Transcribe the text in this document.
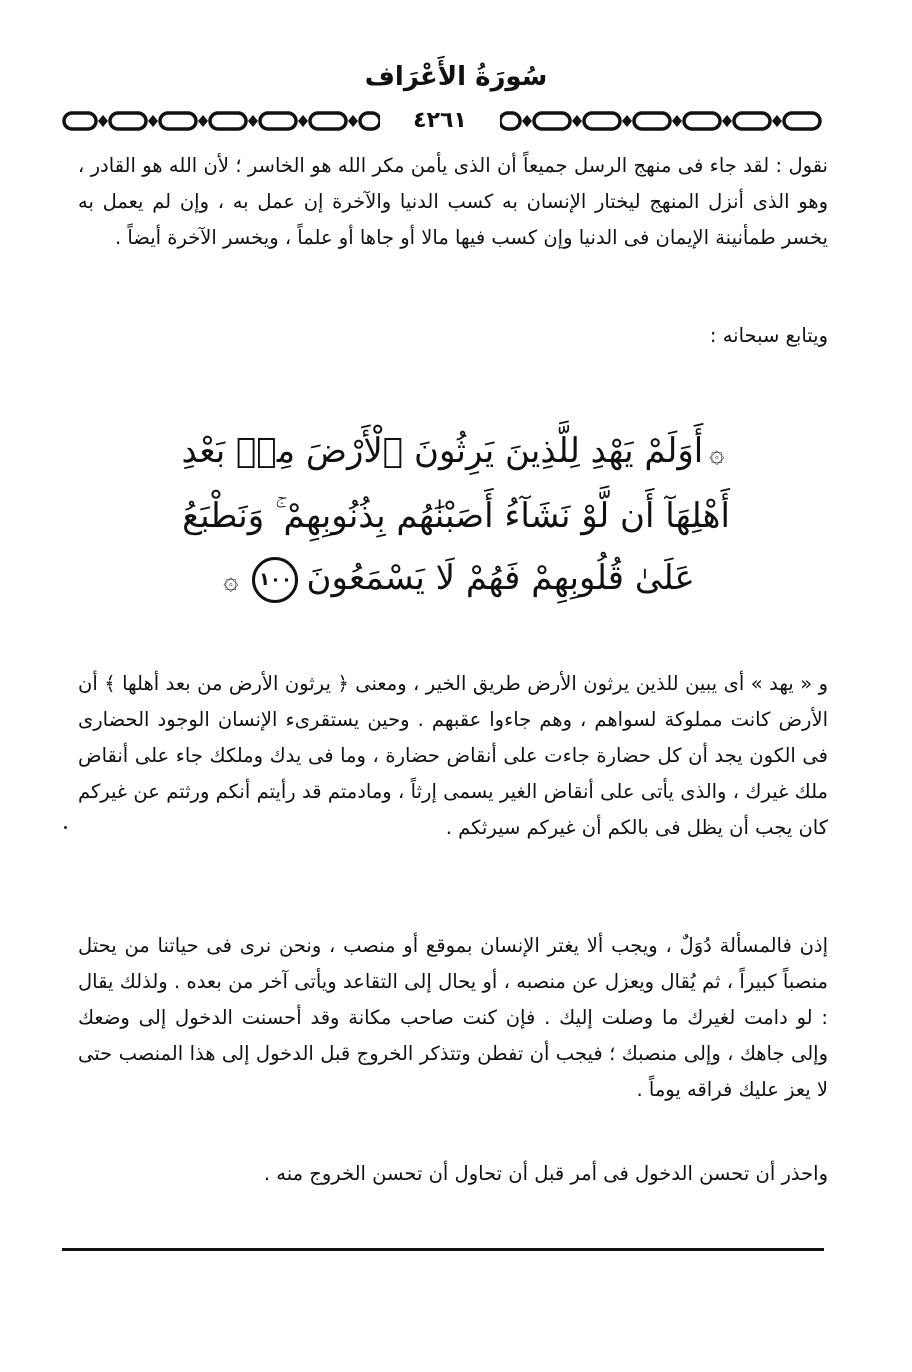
سُورَةُ الأَعْرَاف
٤٢٦١
نقول : لقد جاء فى منهج الرسل جميعاً أن الذى يأمن مكر الله هو الخاسر ؛ لأن الله هو القادر ، وهو الذى أنزل المنهج ليختار الإنسان به كسب الدنيا والآخرة إن عمل به ، وإن لم يعمل به يخسر طمأنينة الإيمان فى الدنيا وإن كسب فيها مالا أو جاها أو علماً ، ويخسر الآخرة أيضاً .
ويتابع سبحانه :
۞أَوَلَمْ يَهْدِ لِلَّذِينَ يَرِثُونَ ٱلْأَرْضَ مِنۢ بَعْدِ
أَهْلِهَآ أَن لَّوْ نَشَآءُ أَصَبْنَٰهُم بِذُنُوبِهِمْ ۚ وَنَطْبَعُ
عَلَىٰ قُلُوبِهِمْ فَهُمْ لَا يَسْمَعُونَ١٠٠۞
و « يهد » أى يبين للذين يرثون الأرض طريق الخير ، ومعنى ﴿ يرثون الأرض من بعد أهلها ﴾ أن الأرض كانت مملوكة لسواهم ، وهم جاءوا عقبهم . وحين يستقرىء الإنسان الوجود الحضارى فى الكون يجد أن كل حضارة جاءت على أنقاض حضارة ، وما فى يدك وملكك جاء على أنقاض ملك غيرك ، والذى يأتى على أنقاض الغير يسمى إرثاً ، ومادمتم قد رأيتم أنكم ورثتم عن غيركم كان يجب أن يظل فى بالكم أن غيركم سيرثكم .
إذن فالمسألة دُوَلٌ ، ويجب ألا يغتر الإنسان بموقع أو منصب ، ونحن نرى فى حياتنا من يحتل منصباً كبيراً ، ثم يُقال ويعزل عن منصبه ، أو يحال إلى التقاعد ويأتى آخر من بعده . ولذلك يقال : لو دامت لغيرك ما وصلت إليك . فإن كنت صاحب مكانة وقد أحسنت الدخول إلى وضعك وإلى جاهك ، وإلى منصبك ؛ فيجب أن تفطن وتتذكر الخروج قبل الدخول إلى هذا المنصب حتى لا يعز عليك فراقه يوماً .
واحذر أن تحسن الدخول فى أمر قبل أن تحاول أن تحسن الخروج منه .
